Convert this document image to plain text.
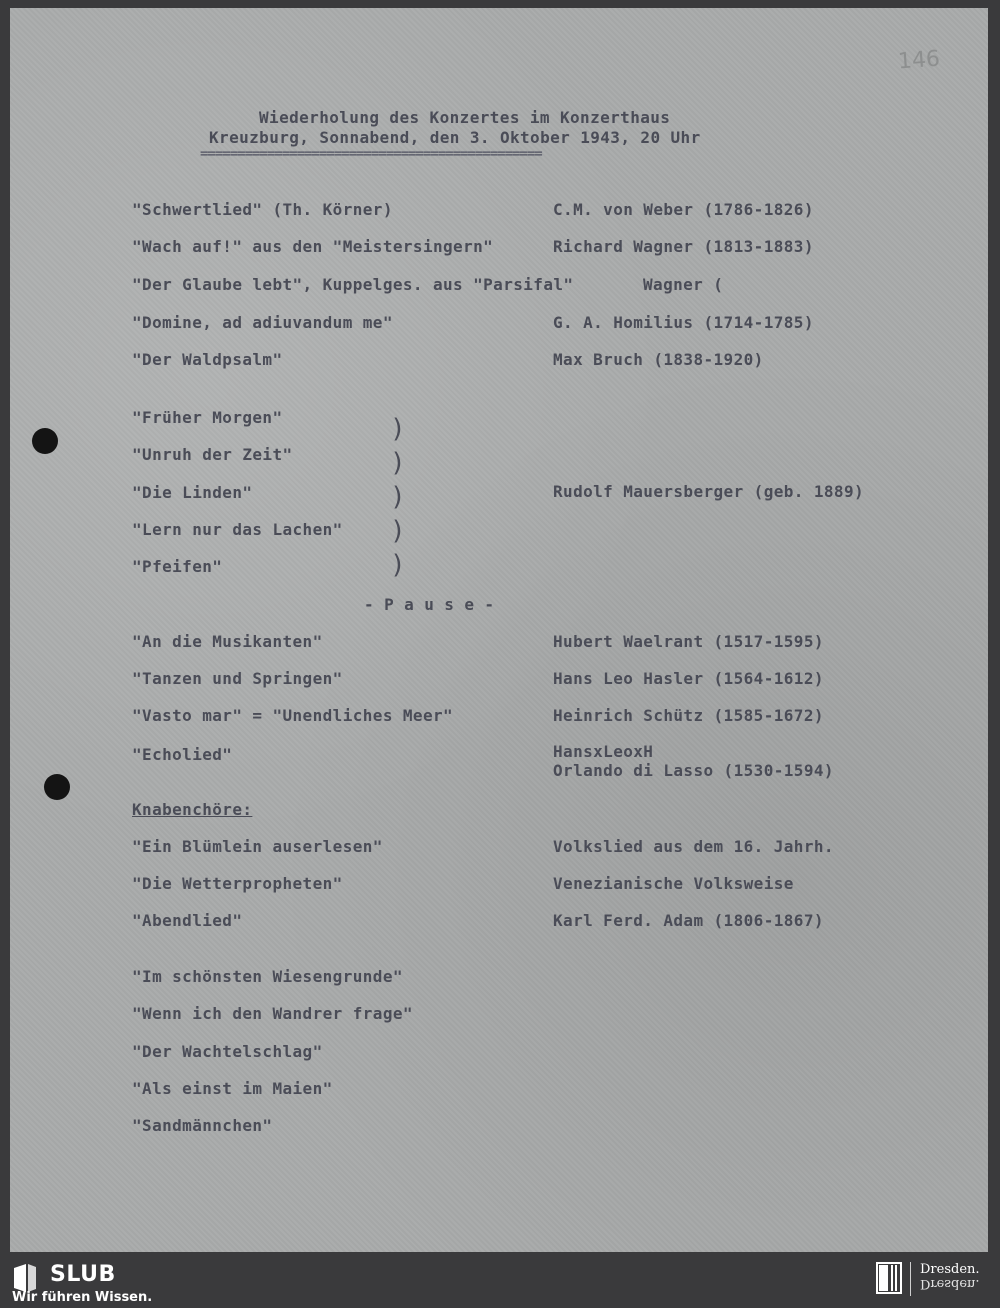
146
Wiederholung des Konzertes im Konzerthaus
Kreuzburg, Sonnabend, den 3. Oktober 1943, 20 Uhr
==============================================
"Schwertlied" (Th. Körner)	C.M. von Weber (1786-1826)
"Wach auf!" aus den "Meistersingern"	Richard Wagner (1813-1883)
"Der Glaube lebt", Kuppelges. aus "Parsifal"	Wagner (
"Domine, ad adiuvandum me"	G. A. Homilius (1714-1785)
"Der Waldpsalm"	Max Bruch (1838-1920)
"Früher Morgen"
"Unruh der Zeit"
"Die Linden"
"Lern nur das Lachen"
"Pfeifen"
)
)
)
)
)
Rudolf Mauersberger (geb. 1889)
- P a u s e -
"An die Musikanten"	Hubert Waelrant (1517-1595)
"Tanzen und Springen"	Hans Leo Hasler (1564-1612)
"Vasto mar" = "Unendliches Meer"	Heinrich Schütz (1585-1672)
"Echolied"	HansxLeoxH
Orlando di Lasso (1530-1594)
Knabenchöre:
"Ein Blümlein auserlesen"	Volkslied aus dem 16. Jahrh.
"Die Wetterpropheten"	Venezianische Volksweise
"Abendlied"	Karl Ferd. Adam (1806-1867)
"Im schönsten Wiesengrunde"
"Wenn ich den Wandrer frage"
"Der Wachtelschlag"
"Als einst im Maien"
"Sandmännchen"
SLUB
Wir führen Wissen.
Dresden.
Dresden.
